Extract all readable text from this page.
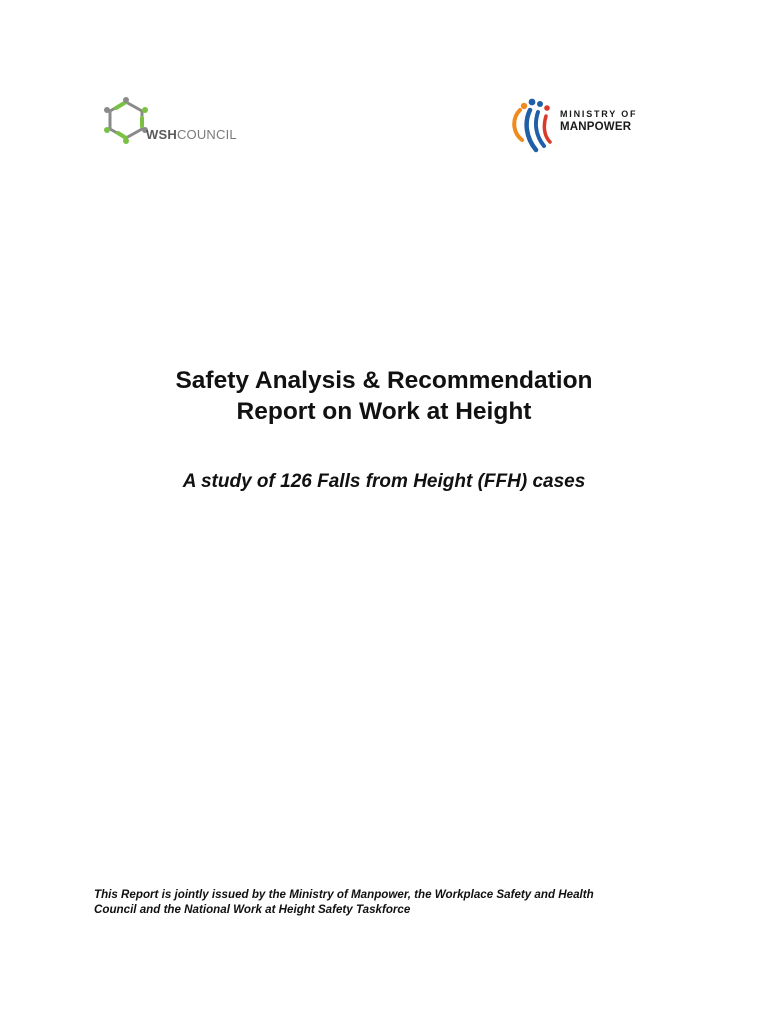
WSHCOUNCIL
MINISTRY OF
MANPOWER
Safety Analysis & Recommendation
Report on Work at Height
A study of 126 Falls from Height (FFH) cases
This Report is jointly issued by the Ministry of Manpower, the Workplace Safety and Health
Council and the National Work at Height Safety Taskforce
